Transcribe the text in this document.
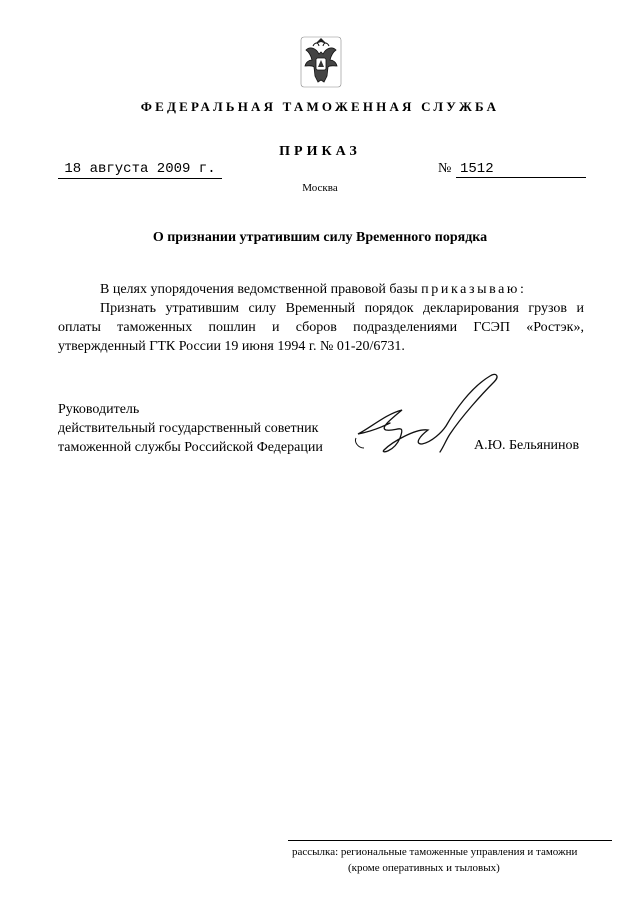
ФЕДЕРАЛЬНАЯ ТАМОЖЕННАЯ СЛУЖБА
ПРИКАЗ
18 августа 2009 г.	№ 1512
Москва
О признании утратившим силу Временного порядка

В целях упорядочения ведомственной правовой базы приказываю:

Признать утратившим силу Временный порядок декларирования грузов и оплаты таможенных пошлин и сборов подразделениями ГСЭП «Ростэк», утвержденный ГТК России 19 июня 1994 г. № 01-20/6731.

Руководитель
действительный государственный советник
таможенной службы Российской Федерации	А.Ю. Бельянинов
рассылка: региональные таможенные управления и таможни
(кроме оперативных и тыловых)
